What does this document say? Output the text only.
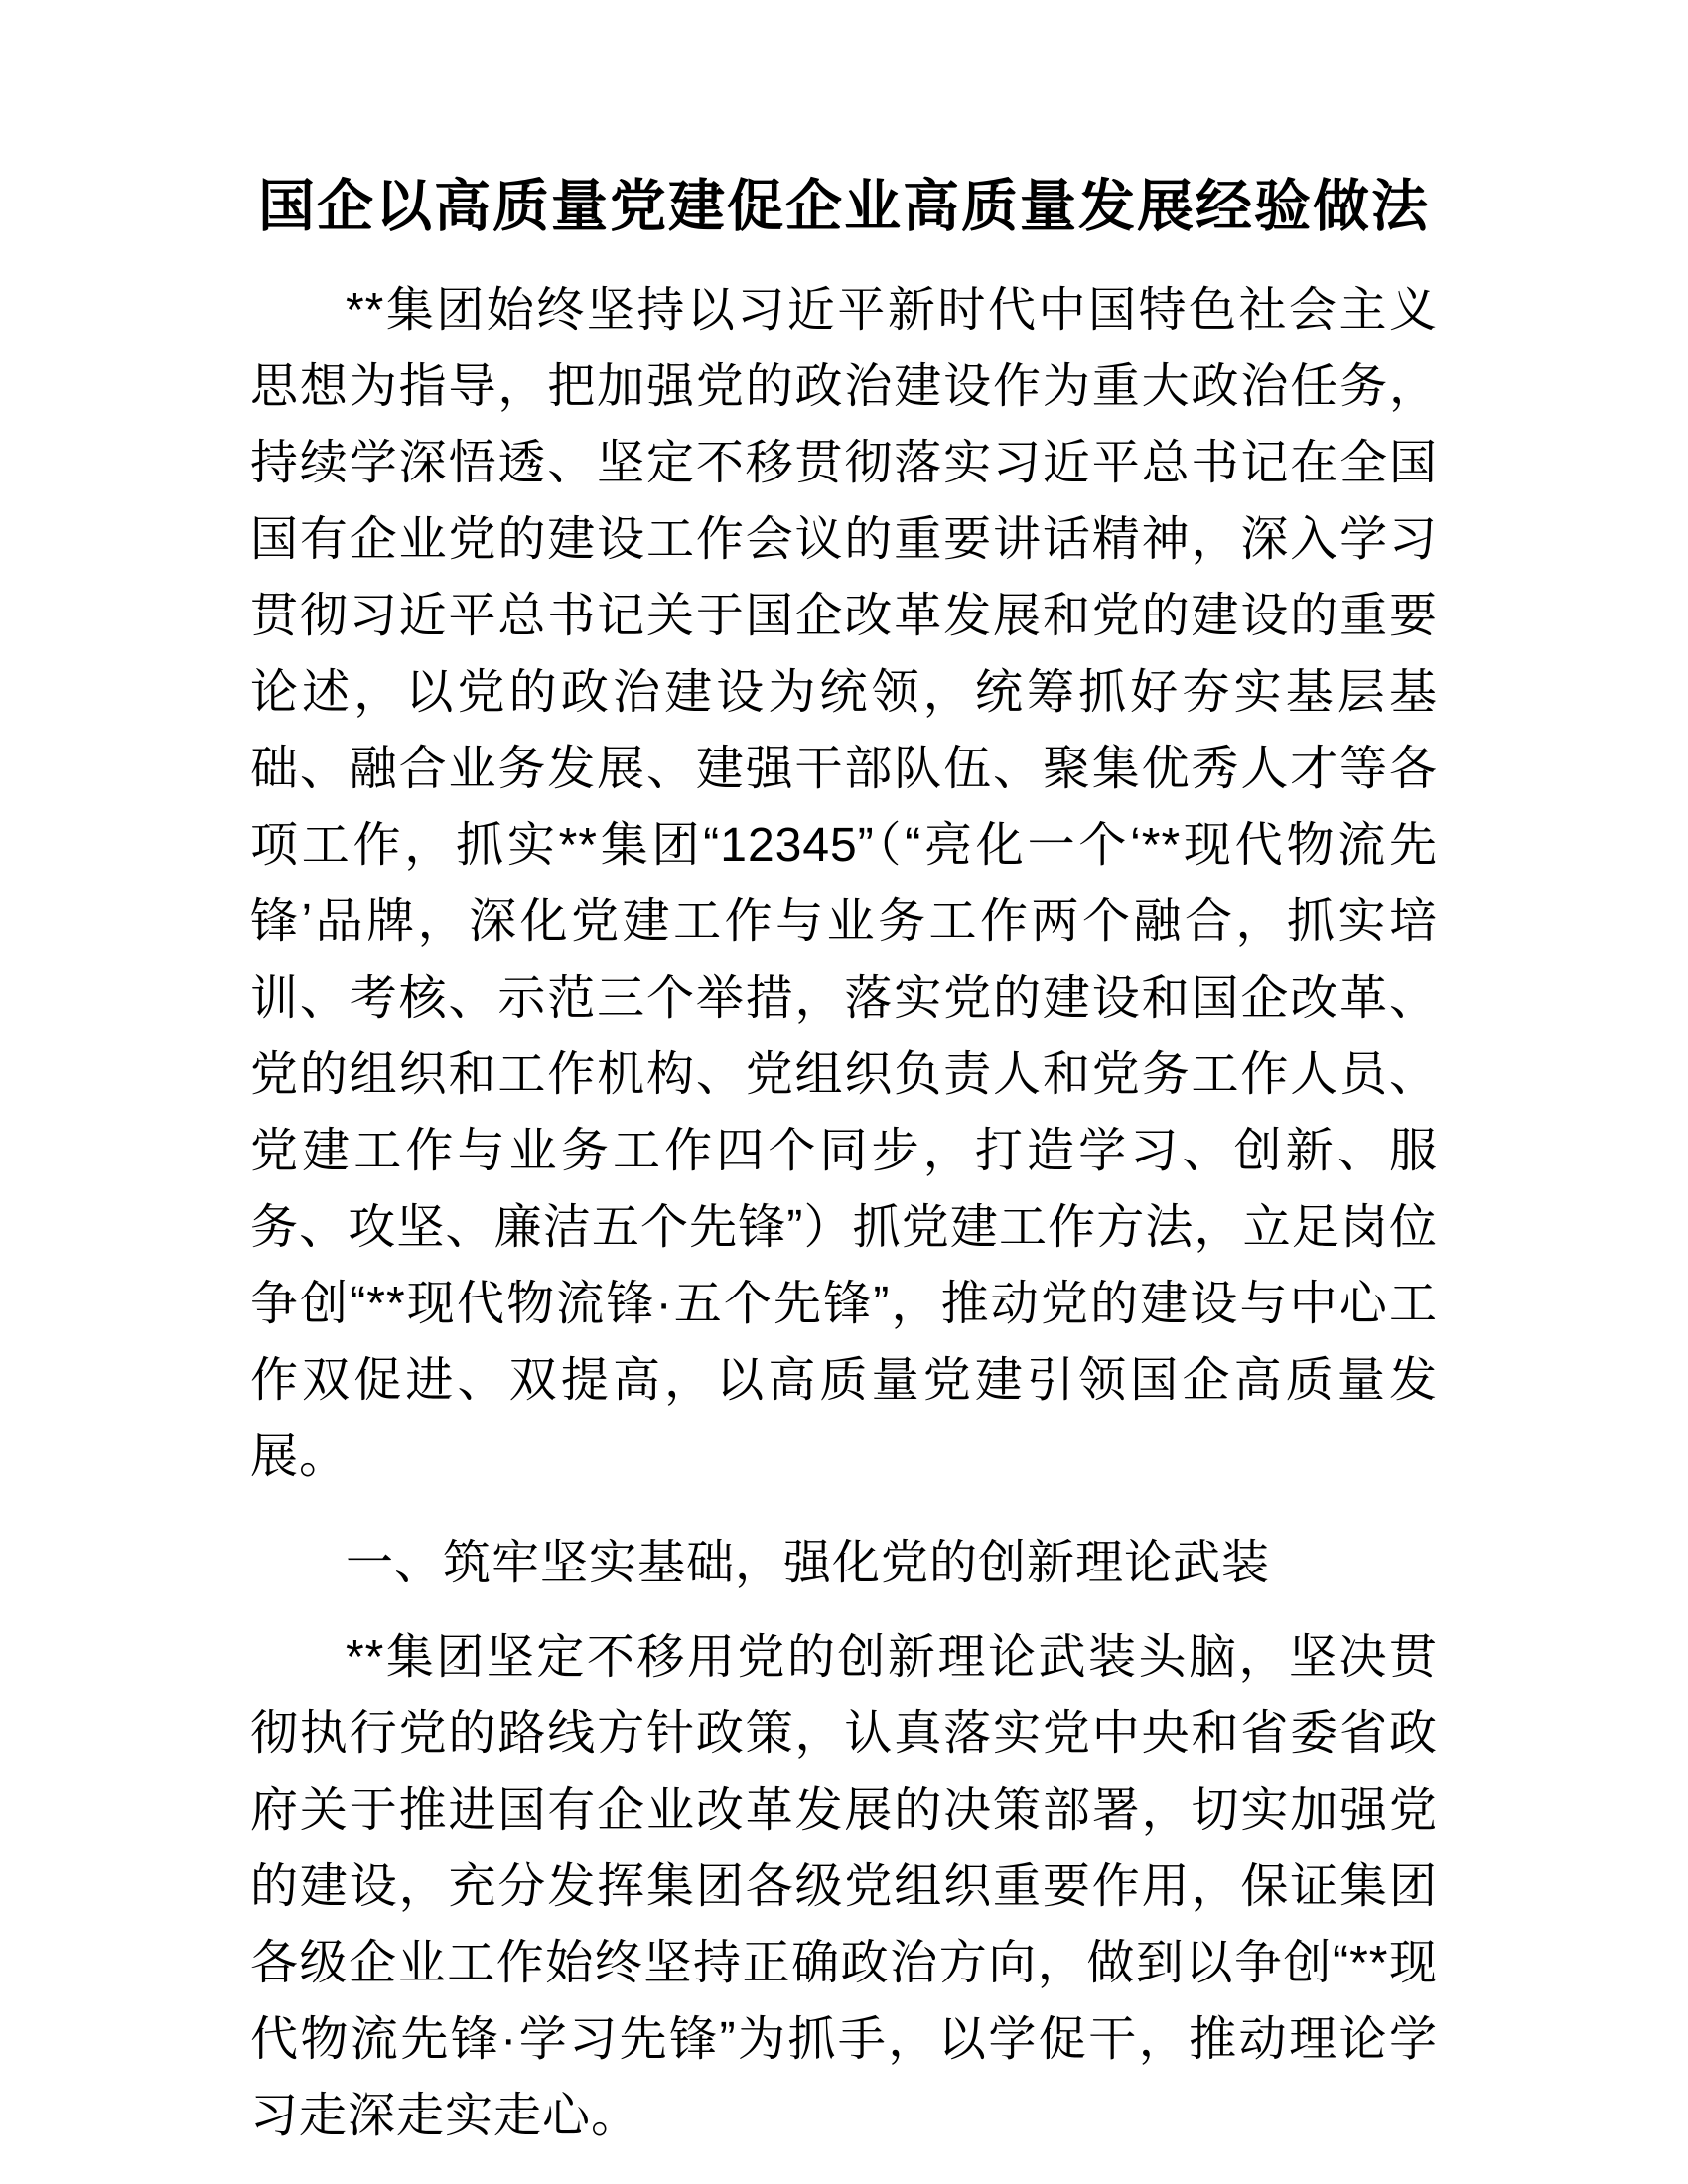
国企以高质量党建促企业高质量发展经验做法

**集团始终坚持以习近平新时代中国特色社会主义思想为指导，把加强党的政治建设作为重大政治任务，持续学深悟透、坚定不移贯彻落实习近平总书记在全国国有企业党的建设工作会议的重要讲话精神，深入学习贯彻习近平总书记关于国企改革发展和党的建设的重要论述，以党的政治建设为统领，统筹抓好夯实基层基础、融合业务发展、建强干部队伍、聚集优秀人才等各项工作，抓实**集团“12345”（“亮化一个‘**现代物流先锋’品牌，深化党建工作与业务工作两个融合，抓实培训、考核、示范三个举措，落实党的建设和国企改革、党的组织和工作机构、党组织负责人和党务工作人员、党建工作与业务工作四个同步，打造学习、创新、服务、攻坚、廉洁五个先锋”）抓党建工作方法，立足岗位争创“**现代物流锋·五个先锋”，推动党的建设与中心工作双促进、双提高，以高质量党建引领国企高质量发展。

一、筑牢坚实基础，强化党的创新理论武装

**集团坚定不移用党的创新理论武装头脑，坚决贯彻执行党的路线方针政策，认真落实党中央和省委省政府关于推进国有企业改革发展的决策部署，切实加强党的建设，充分发挥集团各级党组织重要作用，保证集团各级企业工作始终坚持正确政治方向，做到以争创“**现代物流先锋·学习先锋”为抓手，以学促干，推动理论学习走深走实走心。
